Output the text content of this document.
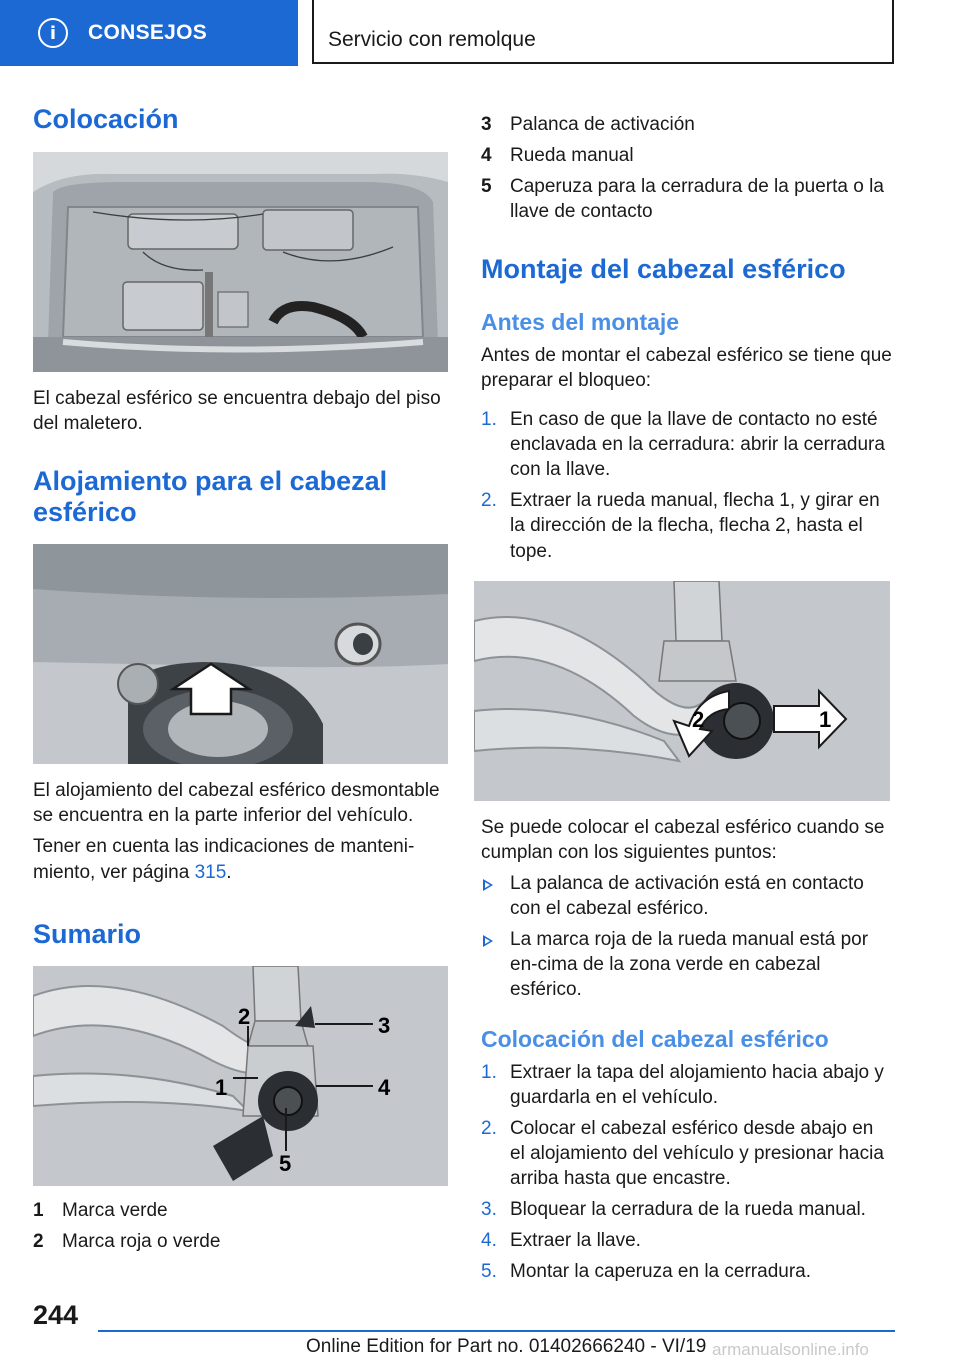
i	CONSEJOS	Servicio con remolque
Colocación

El cabezal esférico se encuentra debajo del piso del maletero.

Alojamiento para el cabezal esférico

El alojamiento del cabezal esférico desmontable se encuentra en la parte inferior del vehículo.

Tener en cuenta las indicaciones de manteni‐miento, ver página 315.

Sumario
3
4
1
2
5
1 Marca verde
2 Marca roja o verde
3 Palanca de activación
4 Rueda manual
5 Caperuza para la cerradura de la puerta o la llave de contacto
Montaje del cabezal esférico
Antes del montaje

Antes de montar el cabezal esférico se tiene que preparar el bloqueo:

1. En caso de que la llave de contacto no esté enclavada en la cerradura: abrir la cerradura con la llave.
2. Extraer la rueda manual, flecha 1, y girar en la dirección de la flecha, flecha 2, hasta el tope.
1
2

Se puede colocar el cabezal esférico cuando se cumplan con los siguientes puntos:

La palanca de activación está en contacto con el cabezal esférico.
La marca roja de la rueda manual está por en‐cima de la zona verde en cabezal esférico.
Colocación del cabezal esférico
1. Extraer la tapa del alojamiento hacia abajo y guardarla en el vehículo.
2. Colocar el cabezal esférico desde abajo en el alojamiento del vehículo y presionar hacia arriba hasta que encastre.
3. Bloquear la cerradura de la rueda manual.
4. Extraer la llave.
5. Montar la caperuza en la cerradura.
244
Online Edition for Part no. 01402666240 - VI/19 armanualsonline.info
